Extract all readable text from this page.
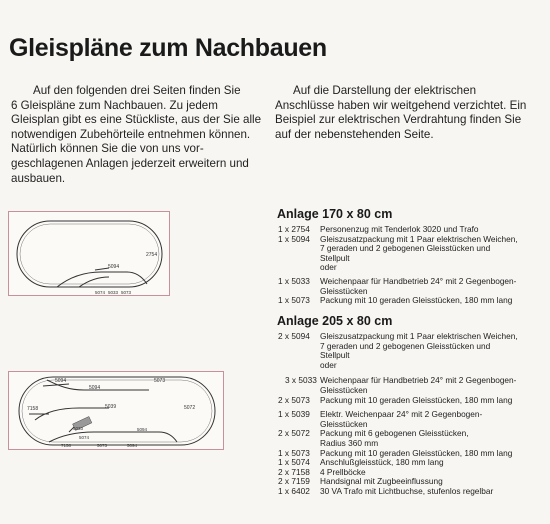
Gleispläne zum Nachbauen
Auf den folgenden drei Seiten finden Sie
6 Gleispläne zum Nachbauen. Zu jedem
Gleisplan gibt es eine Stückliste, aus der Sie alle
notwendigen Zubehörteile entnehmen können.
Natürlich können Sie die von uns vor-
geschlagenen Anlagen jederzeit erweitern und
ausbauen.
Auf die Darstellung der elektrischen
Anschlüsse haben wir weitgehend verzichtet. Ein
Beispiel zur elektrischen Verdrahtung finden Sie
auf der nebenstehenden Seite.
2754
5094
5074 5033 5073
5094	5073
5094
5072
7158	5039
5033
5074
5094
7158	5073	5094
Anlage 170 x 80 cm
1 x 2754	Personenzug mit Tenderlok 3020 und Trafo
1 x 5094	Gleiszusatzpackung mit 1 Paar elektrischen Weichen,
7 geraden und 2 gebogenen Gleisstücken und
Stellpult
oder
1 x 5033	Weichenpaar für Handbetrieb 24° mit 2 Gegenbogen-
Gleisstücken
1 x 5073	Packung mit 10 geraden Gleisstücken, 180 mm lang
Anlage 205 x 80 cm
2 x 5094	Gleiszusatzpackung mit 1 Paar elektrischen Weichen,
7 geraden und 2 gebogenen Gleisstücken und
Stellpult
oder
3 x 5033 Weichenpaar für Handbetrieb 24° mit 2 Gegenbogen-
Gleisstücken
2 x 5073	Packung mit 10 geraden Gleisstücken, 180 mm lang
1 x 5039	Elektr. Weichenpaar 24° mit 2 Gegenbogen-
Gleisstücken
2 x 5072	Packung mit 6 gebogenen Gleisstücken,
Radius 360 mm
1 x 5073	Packung mit 10 geraden Gleisstücken, 180 mm lang
1 x 5074	Anschlußgleisstück, 180 mm lang
2 x 7158	4 Prellböcke
2 x 7159	Handsignal mit Zugbeeinflussung
1 x 6402	30 VA Trafo mit Lichtbuchse, stufenlos regelbar
